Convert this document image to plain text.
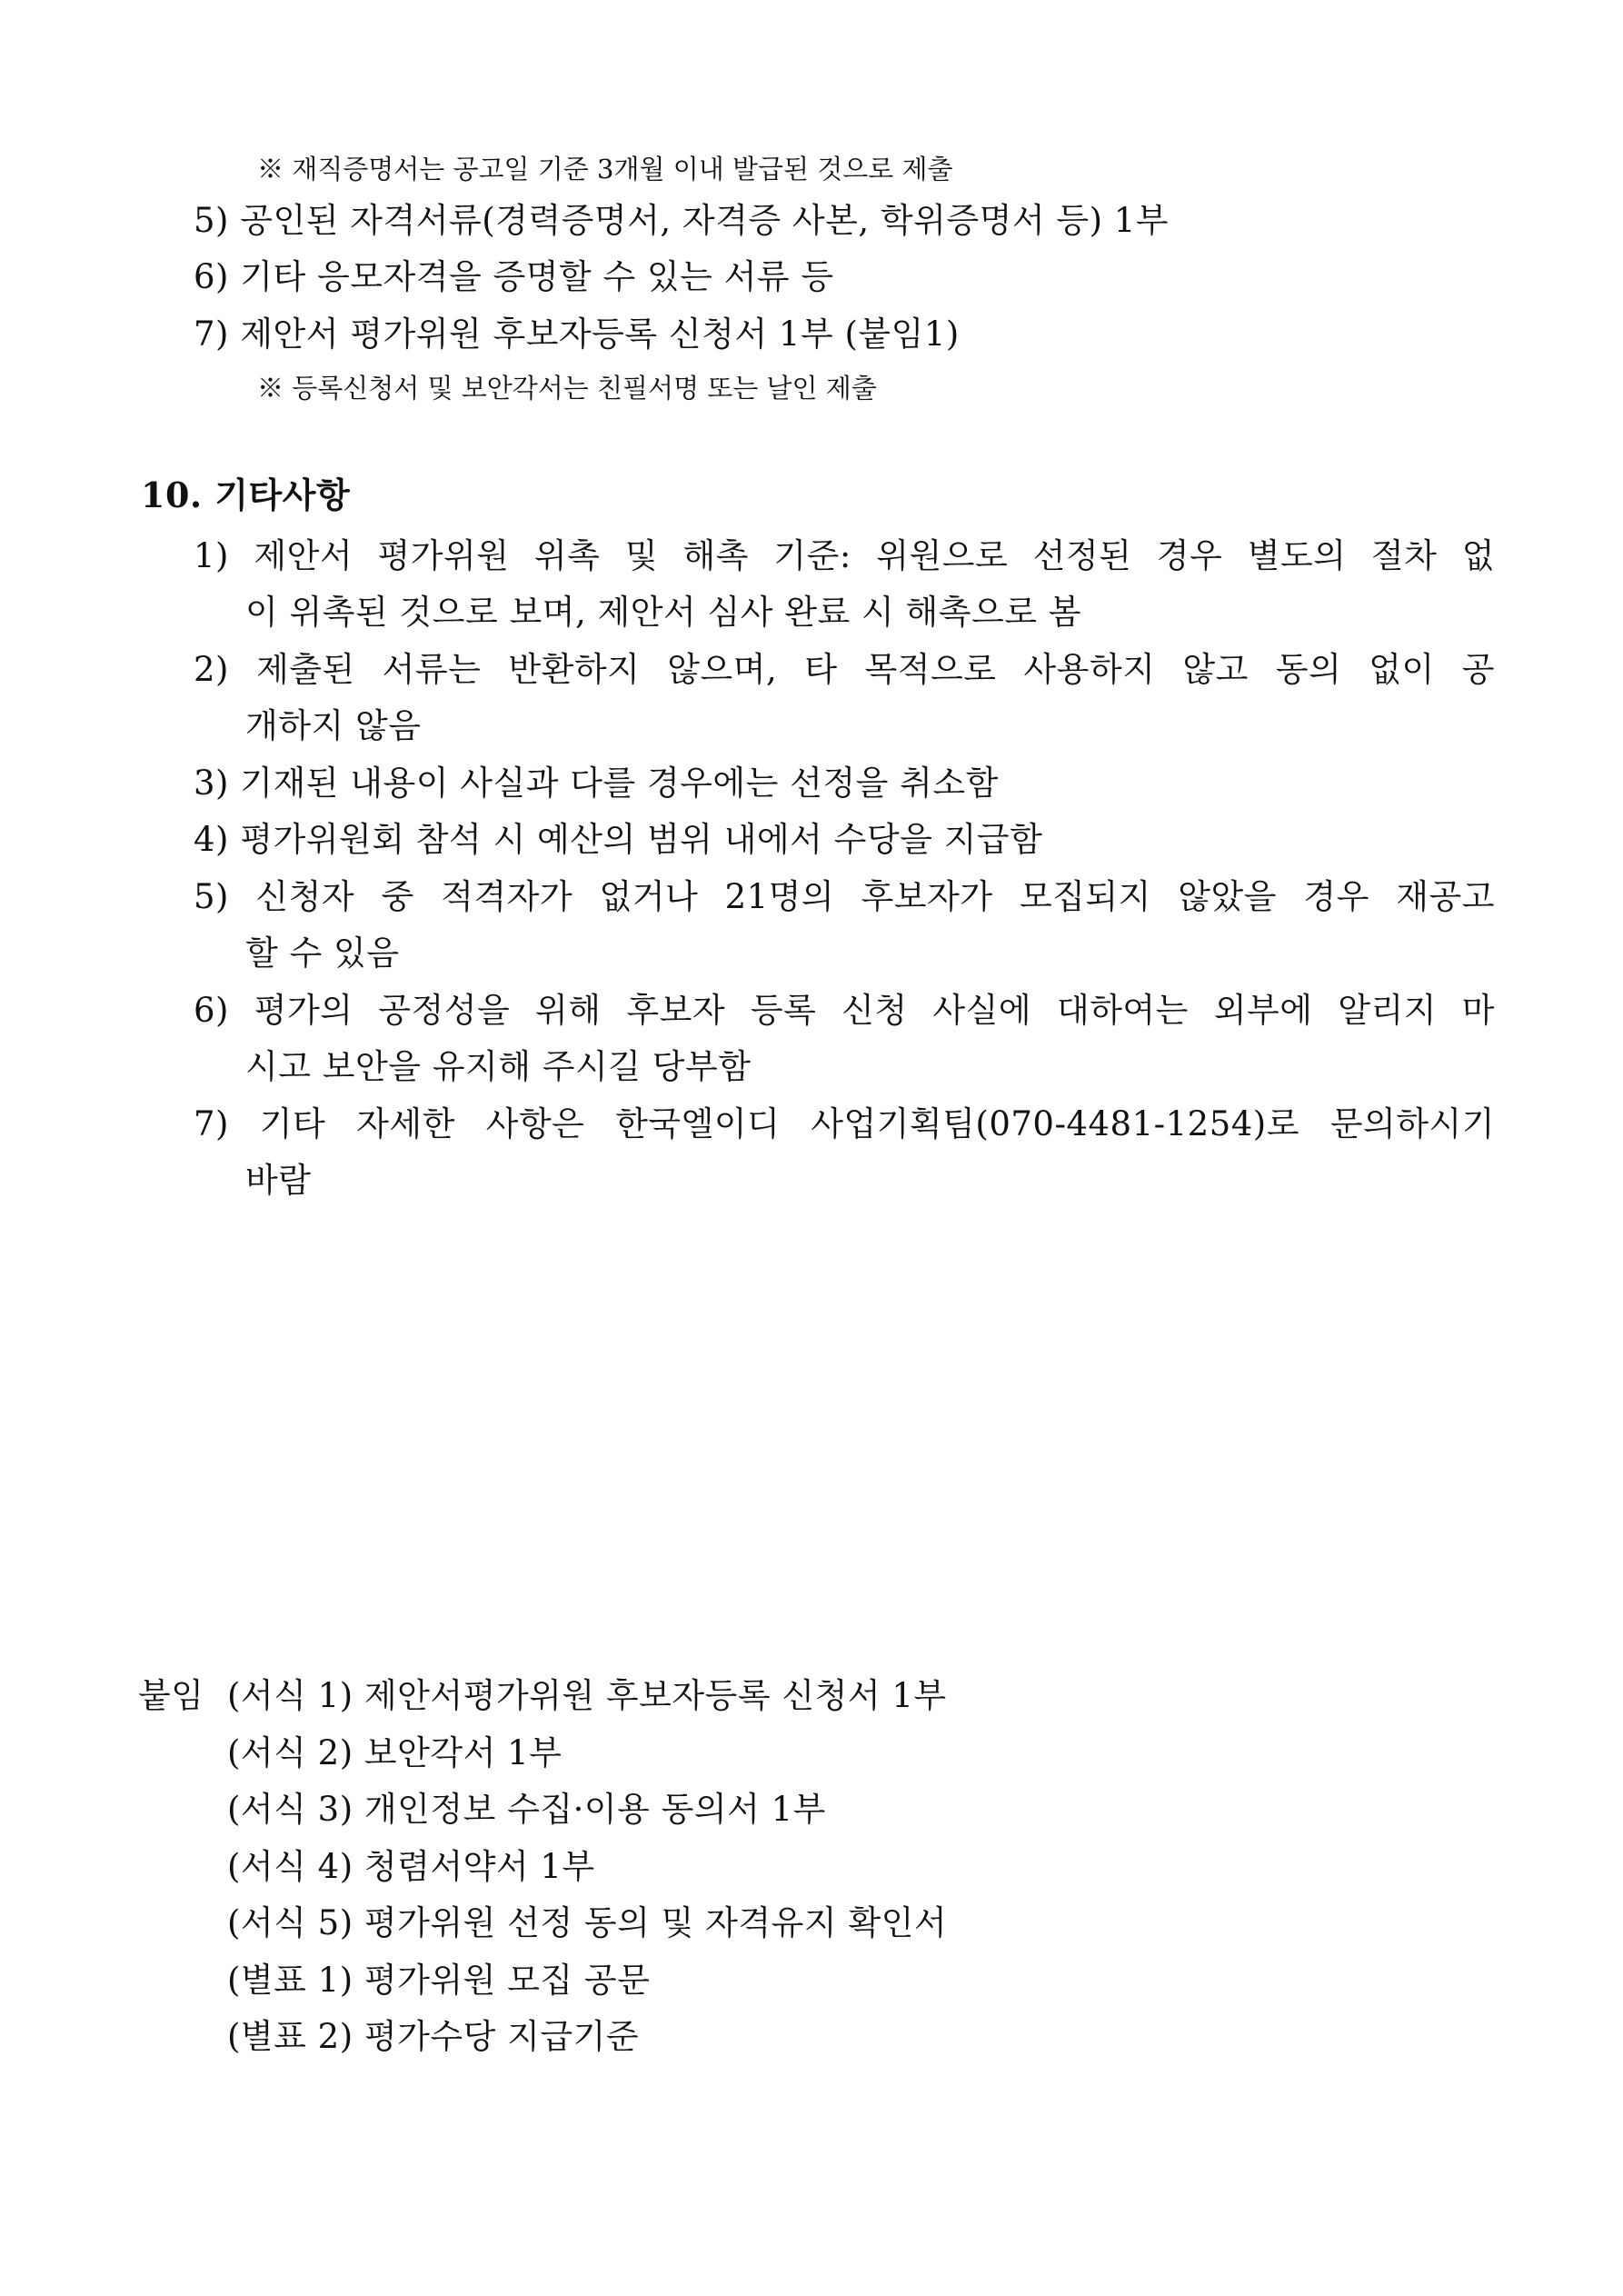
※ 재직증명서는 공고일 기준 3개월 이내 발급된 것으로 제출
5) 공인된 자격서류(경력증명서, 자격증 사본, 학위증명서 등) 1부
6) 기타 응모자격을 증명할 수 있는 서류 등
7) 제안서 평가위원 후보자등록 신청서 1부 (붙임1)
※ 등록신청서 및 보안각서는 친필서명 또는 날인 제출
10. 기타사항
1) 제안서 평가위원 위촉 및 해촉 기준: 위원으로 선정된 경우 별도의 절차 없
이 위촉된 것으로 보며, 제안서 심사 완료 시 해촉으로 봄
2) 제출된 서류는 반환하지 않으며, 타 목적으로 사용하지 않고 동의 없이 공
개하지 않음
3) 기재된 내용이 사실과 다를 경우에는 선정을 취소함
4) 평가위원회 참석 시 예산의 범위 내에서 수당을 지급함
5) 신청자 중 적격자가 없거나 21명의 후보자가 모집되지 않았을 경우 재공고
할 수 있음
6) 평가의 공정성을 위해 후보자 등록 신청 사실에 대하여는 외부에 알리지 마
시고 보안을 유지해 주시길 당부함
7) 기타 자세한 사항은 한국엘이디 사업기획팀(070-4481-1254)로 문의하시기
바람
붙임 (서식 1) 제안서평가위원 후보자등록 신청서 1부
(서식 2) 보안각서 1부
(서식 3) 개인정보 수집·이용 동의서 1부
(서식 4) 청렴서약서 1부
(서식 5) 평가위원 선정 동의 및 자격유지 확인서
(별표 1) 평가위원 모집 공문
(별표 2) 평가수당 지급기준
